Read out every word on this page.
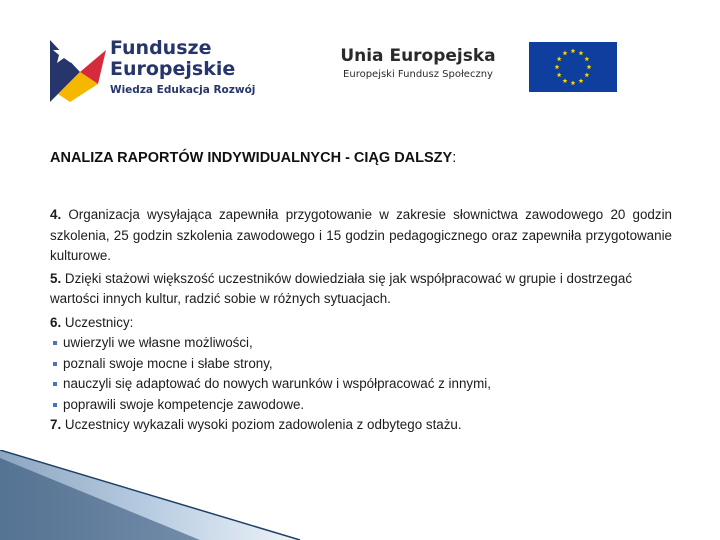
Fundusze
Europejskie
Wiedza Edukacja Rozwój
Unia Europejska
Europejski Fundusz Społeczny
ANALIZA RAPORTÓW INDYWIDUALNYCH - CIĄG DALSZY:

4. Organizacja wysyłająca zapewniła przygotowanie w zakresie słownictwa zawodowego 20 godzin szkolenia, 25 godzin szkolenia zawodowego i 15 godzin pedagogicznego oraz zapewniła przygotowanie kulturowe.

5. Dzięki stażowi większość uczestników dowiedziała się jak współpracować w grupie i dostrzegać wartości innych kultur, radzić sobie w różnych sytuacjach.

6. Uczestnicy:

uwierzyli we własne możliwości,
poznali swoje mocne i słabe strony,
nauczyli się adaptować do nowych warunków i współpracować z innymi,
poprawili swoje kompetencje zawodowe.

7. Uczestnicy wykazali wysoki poziom zadowolenia z odbytego stażu.
